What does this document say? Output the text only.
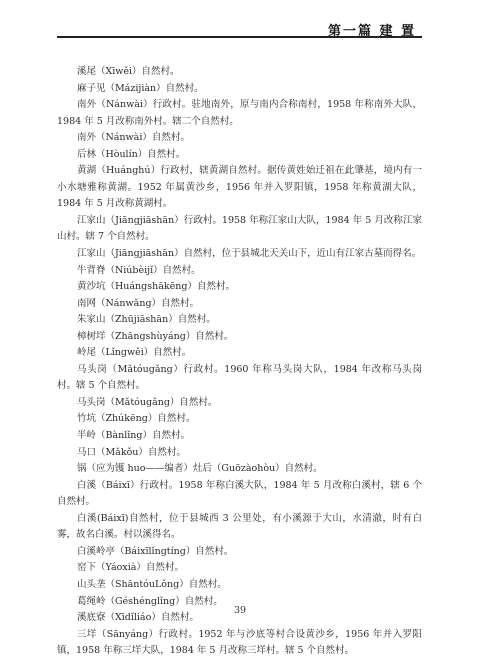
第一篇 建 置

溪尾（Xīwěi）自然村。

麻子见（Mázijiàn）自然村。

南外（Nánwài）行政村。驻地南外，原与南内合称南村，1958 年称南外大队，1984 年 5 月改称南外村。辖二个自然村。

南外（Nánwài）自然村。

后林（Hòulín）自然村。

黄湖（Huánghú）行政村，辖黄湖自然村。据传黄姓始迁祖在此肇基，境内有一小水塘雅称黄湖。1952 年属黄沙乡，1956 年并入罗阳镇，1958 年称黄湖大队，1984 年 5 月改称黄湖村。

江家山（Jiāngjiāshān）行政村。1958 年称江家山大队，1984 年 5 月改称江家山村。辖 7 个自然村。

江家山（Jiāngjiāshān）自然村，位于县城北天关山下，近山有江家古墓而得名。

牛背脊（Niúbèijǐ）自然村。

黄沙坑（Huángshākēng）自然村。

南网（Nánwǎng）自然村。

朱家山（Zhūjiāshān）自然村。

樟树垟（Zhāngshùyáng）自然村。

岭尾（Lǐngwěi）自然村。

马头岗（Mǎtóugǎng）行政村。1960 年称马头岗大队，1984 年改称马头岗村。辖 5 个自然村。

马头岗（Mǎtóugǎng）自然村。

竹坑（Zhúkēng）自然村。

半岭（Bànlǐng）自然村。

马口（Mǎkǒu）自然村。

锅（应为镬 huo——编者）灶后（Guōzàohòu）自然村。

白溪（Báixī）行政村。1958 年称白溪大队，1984 年 5 月改称白溪村，辖 6 个自然村。

白溪(Báixī)自然村，位于县城西 3 公里处，有小溪源于大山，水清澈，时有白雾，故名白溪。村以溪得名。

白溪岭亭（Báixīlǐngtíng）自然村。

窑下（Yáoxià）自然村。

山头垄（ShāntóuLǒng）自然村。

葛绳岭（Géshénglǐng）自然村。

溪底寮（Xīdǐliáo）自然村。

三垟（Sānyáng）行政村。1952 年与沙底等村合设黄沙乡，1956 年并入罗阳镇，1958 年称三垟大队，1984 年 5 月改称三垟村。辖 5 个自然村。

39
